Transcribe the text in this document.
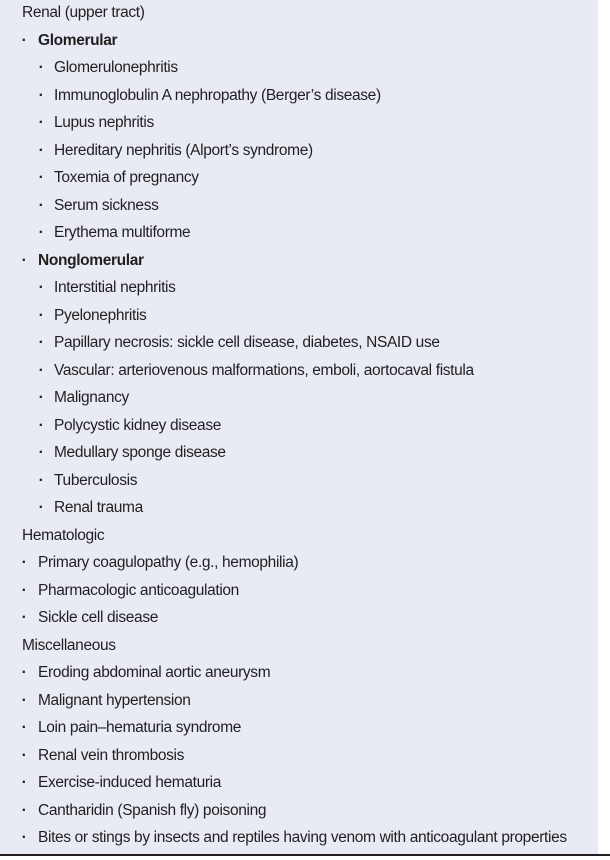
Renal (upper tract)
· Glomerular
· Glomerulonephritis
· Immunoglobulin A nephropathy (Berger’s disease)
· Lupus nephritis
· Hereditary nephritis (Alport’s syndrome)
· Toxemia of pregnancy
· Serum sickness
· Erythema multiforme
· Nonglomerular
· Interstitial nephritis
· Pyelonephritis
· Papillary necrosis: sickle cell disease, diabetes, NSAID use
· Vascular: arteriovenous malformations, emboli, aortocaval fistula
· Malignancy
· Polycystic kidney disease
· Medullary sponge disease
· Tuberculosis
· Renal trauma
Hematologic
· Primary coagulopathy (e.g., hemophilia)
· Pharmacologic anticoagulation
· Sickle cell disease
Miscellaneous
· Eroding abdominal aortic aneurysm
· Malignant hypertension
· Loin pain–hematuria syndrome
· Renal vein thrombosis
· Exercise-induced hematuria
· Cantharidin (Spanish fly) poisoning
· Bites or stings by insects and reptiles having venom with anticoagulant properties
